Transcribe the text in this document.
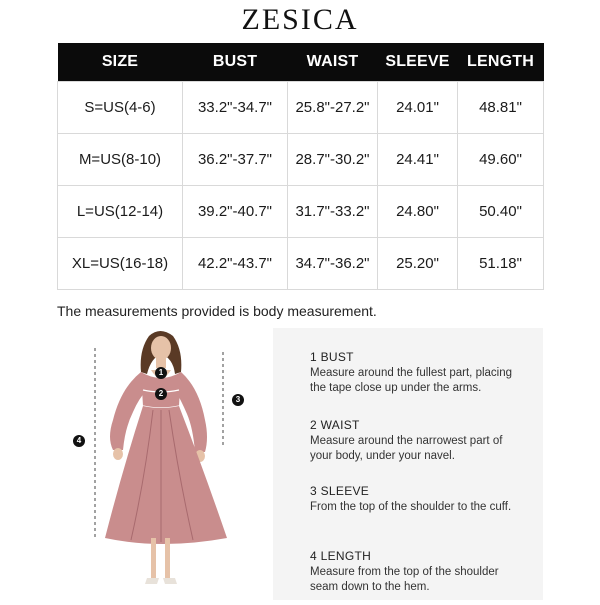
ZESICA
SIZE	BUST	WAIST	SLEEVE	LENGTH
S=US(4-6)	33.2"-34.7"	25.8"-27.2"	24.01"	48.81"
M=US(8-10)	36.2"-37.7"	28.7"-30.2"	24.41"	49.60"
L=US(12-14)	39.2"-40.7"	31.7"-33.2"	24.80"	50.40"
XL=US(16-18)	42.2"-43.7"	34.7"-36.2"	25.20"	51.18"
The measurements provided is body measurement.
1
2
3
4
1 BUST
Measure around the fullest part, placing the tape close up under the arms.
2 WAIST
Measure around the narrowest part of your body, under your navel.
3 SLEEVE
From the top of the shoulder to the cuff.
4 LENGTH
Measure from the top of the shoulder seam down to the hem.
